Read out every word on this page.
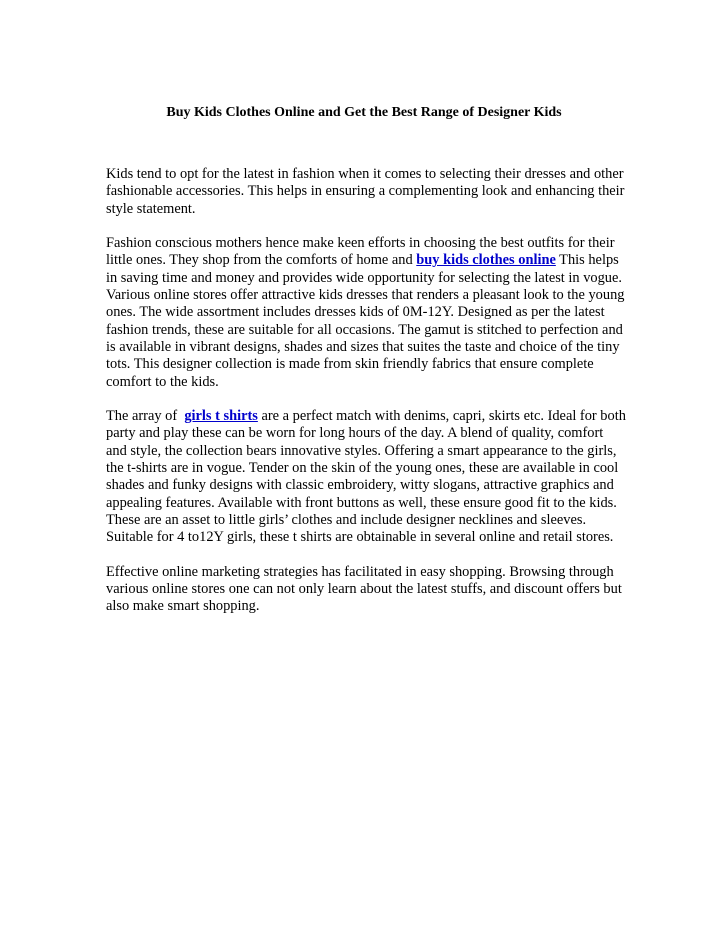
Buy Kids Clothes Online and Get the Best Range of Designer Kids

Kids tend to opt for the latest in fashion when it comes to selecting their dresses and other fashionable accessories. This helps in ensuring a complementing look and enhancing their style statement.

Fashion conscious mothers hence make keen efforts in choosing the best outfits for their little ones. They shop from the comforts of home and buy kids clothes online This helps in saving time and money and provides wide opportunity for selecting the latest in vogue. Various online stores offer attractive kids dresses that renders a pleasant look to the young ones. The wide assortment includes dresses kids of 0M-12Y. Designed as per the latest fashion trends, these are suitable for all occasions. The gamut is stitched to perfection and is available in vibrant designs, shades and sizes that suites the taste and choice of the tiny tots. This designer collection is made from skin friendly fabrics that ensure complete comfort to the kids.

The array of  girls t shirts are a perfect match with denims, capri, skirts etc. Ideal for both party and play these can be worn for long hours of the day. A blend of quality, comfort and style, the collection bears innovative styles. Offering a smart appearance to the girls, the t-shirts are in vogue. Tender on the skin of the young ones, these are available in cool shades and funky designs with classic embroidery, witty slogans, attractive graphics and appealing features. Available with front buttons as well, these ensure good fit to the kids. These are an asset to little girls’ clothes and include designer necklines and sleeves. Suitable for 4 to12Y girls, these t shirts are obtainable in several online and retail stores.

Effective online marketing strategies has facilitated in easy shopping. Browsing through various online stores one can not only learn about the latest stuffs, and discount offers but also make smart shopping.
